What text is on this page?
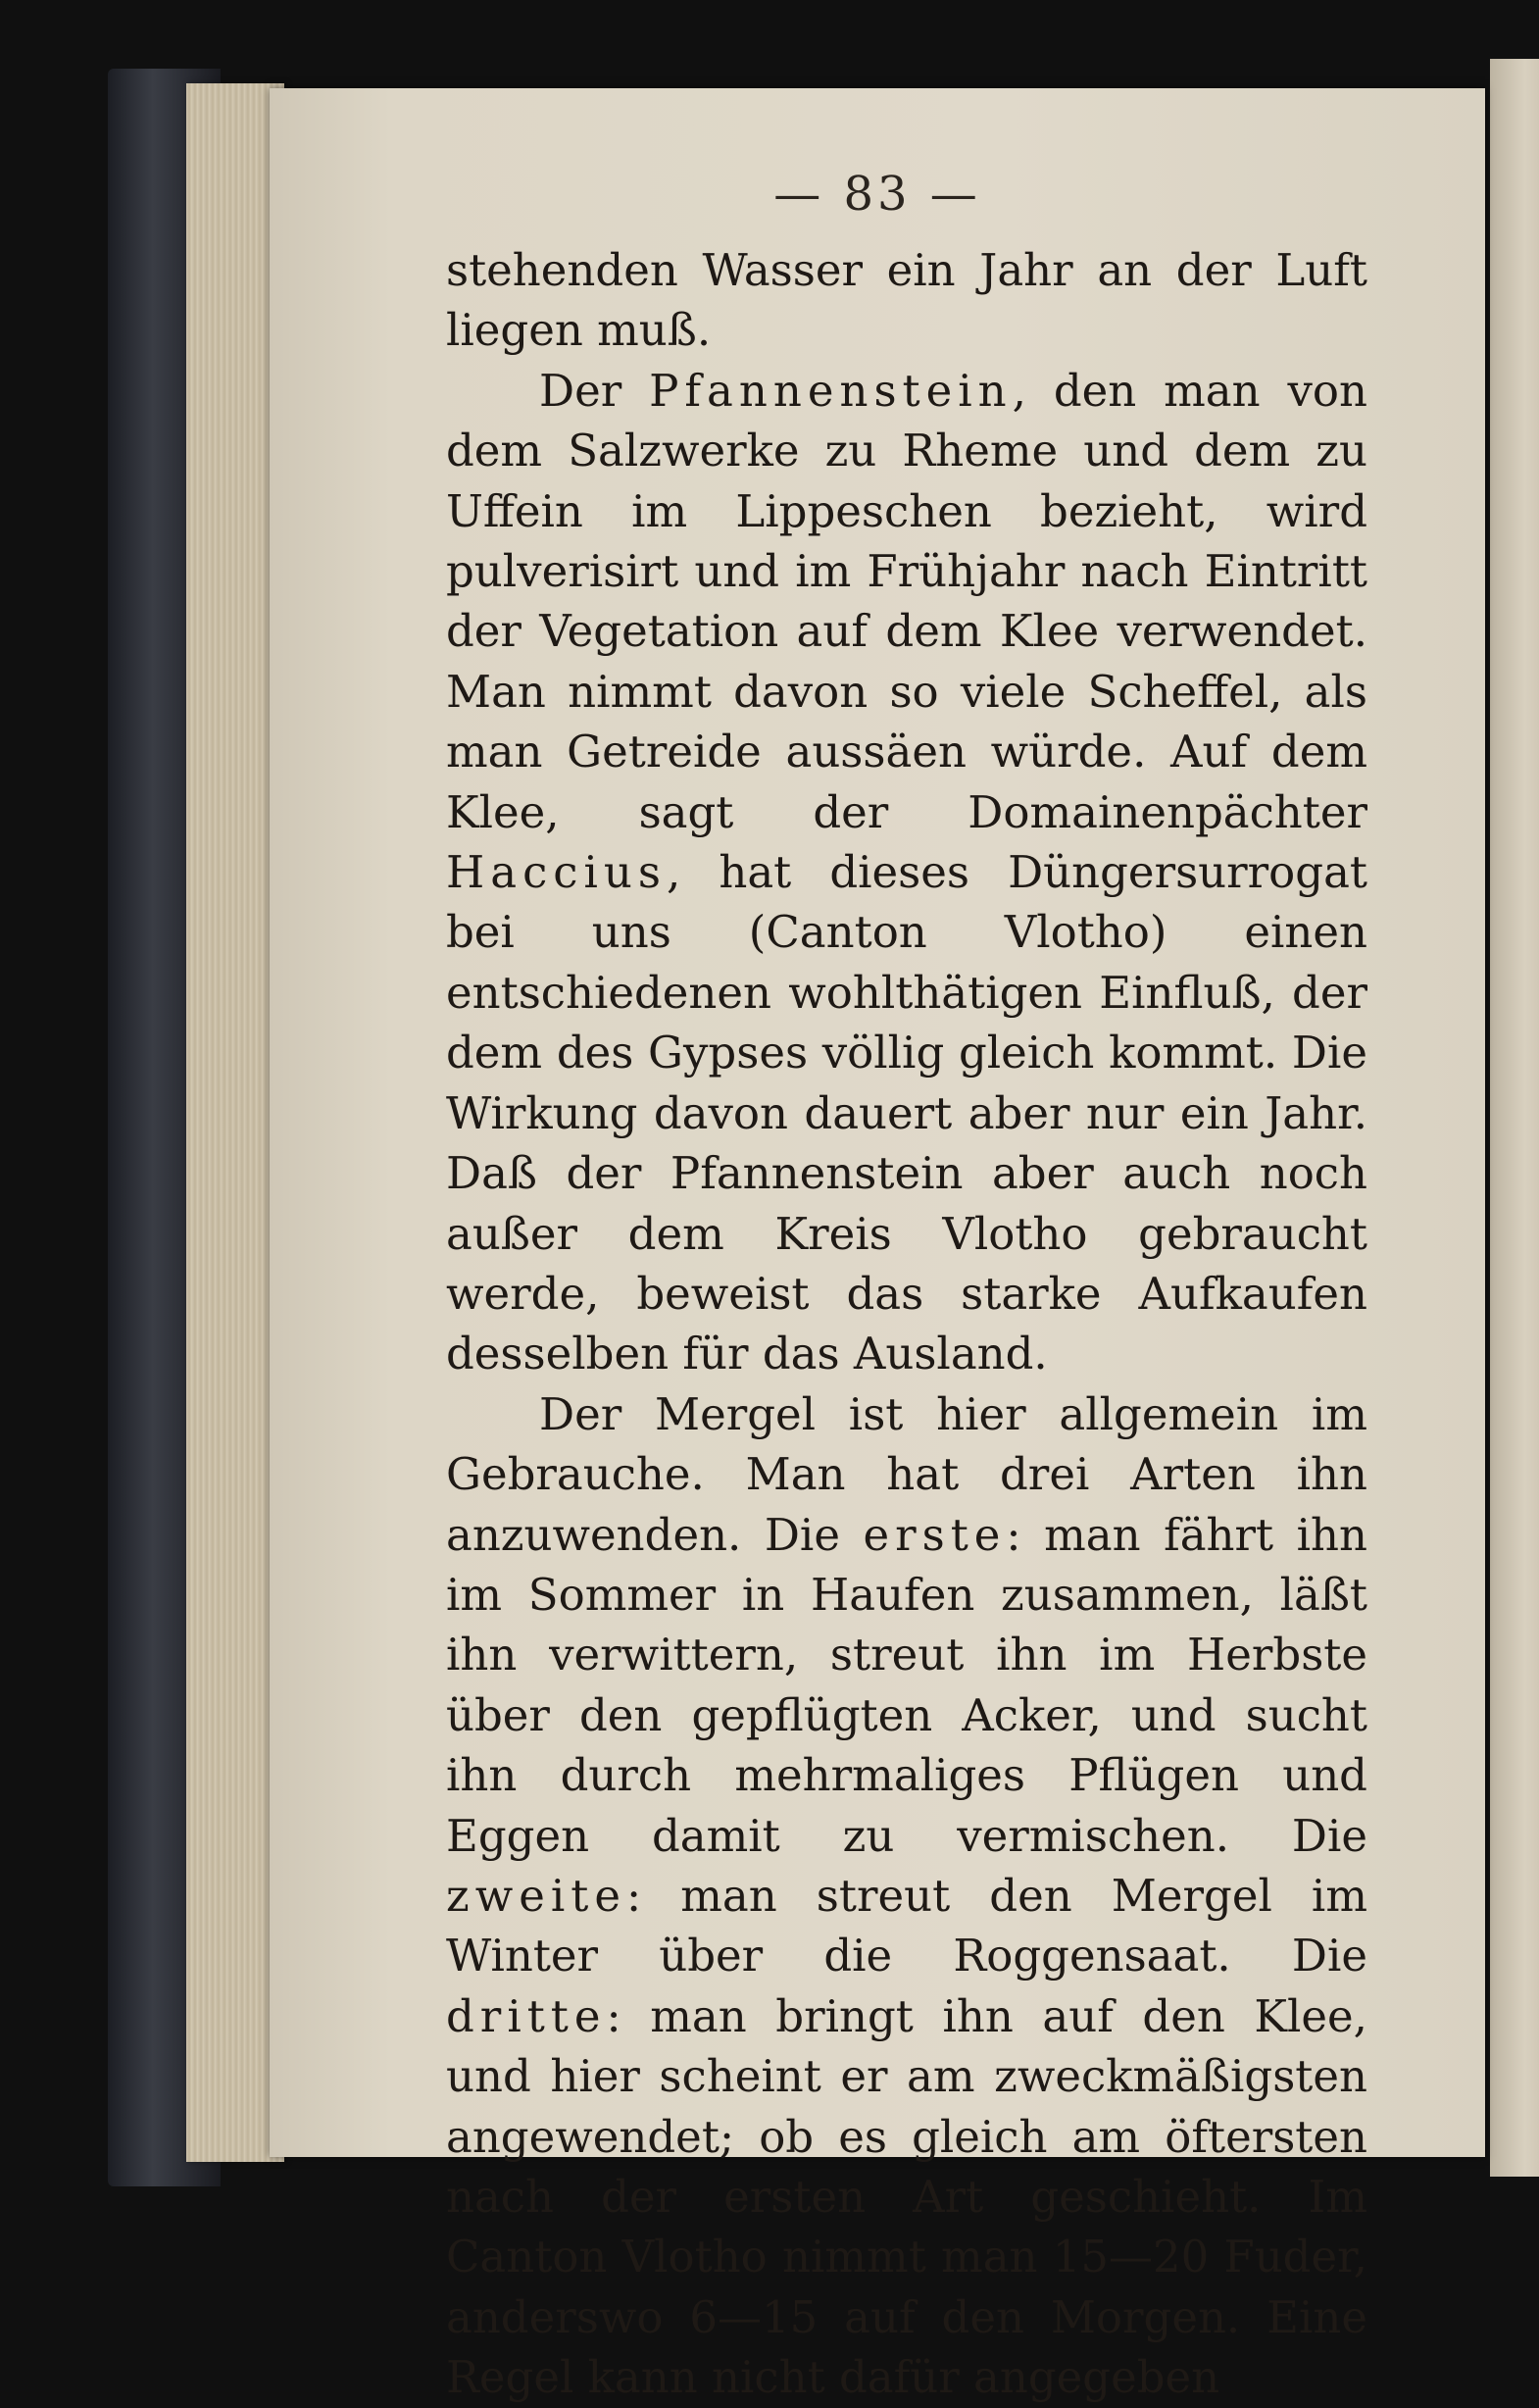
— 83 —

stehenden Wasser ein Jahr an der Luft liegen muß.

Der Pfannenstein, den man von dem Salzwerke zu Rheme und dem zu Uffein im Lippeschen bezieht, wird pulverisirt und im Frühjahr nach Eintritt der Vegetation auf dem Klee verwendet. Man nimmt davon so viele Scheffel, als man Getreide aussäen würde. Auf dem Klee, sagt der Domainenpächter Haccius, hat dieses Düngersurrogat bei uns (Canton Vlotho) einen entschiedenen wohlthätigen Einfluß, der dem des Gypses völlig gleich kommt. Die Wirkung davon dauert aber nur ein Jahr. Daß der Pfannenstein aber auch noch außer dem Kreis Vlotho gebraucht werde, beweist das starke Aufkaufen desselben für das Ausland.

Der Mergel ist hier allgemein im Gebrauche. Man hat drei Arten ihn anzuwenden. Die erste: man fährt ihn im Sommer in Haufen zusammen, läßt ihn verwittern, streut ihn im Herbste über den gepflügten Acker, und sucht ihn durch mehrmaliges Pflügen und Eggen damit zu vermischen. Die zweite: man streut den Mergel im Winter über die Roggensaat. Die dritte: man bringt ihn auf den Klee, und hier scheint er am zweckmäßigsten angewendet; ob es gleich am öftersten nach der ersten Art geschieht. Im Canton Vlotho nimmt man 15—20 Fuder, anderswo 6—15 auf den Morgen. Eine Regel kann nicht dafür angegeben
